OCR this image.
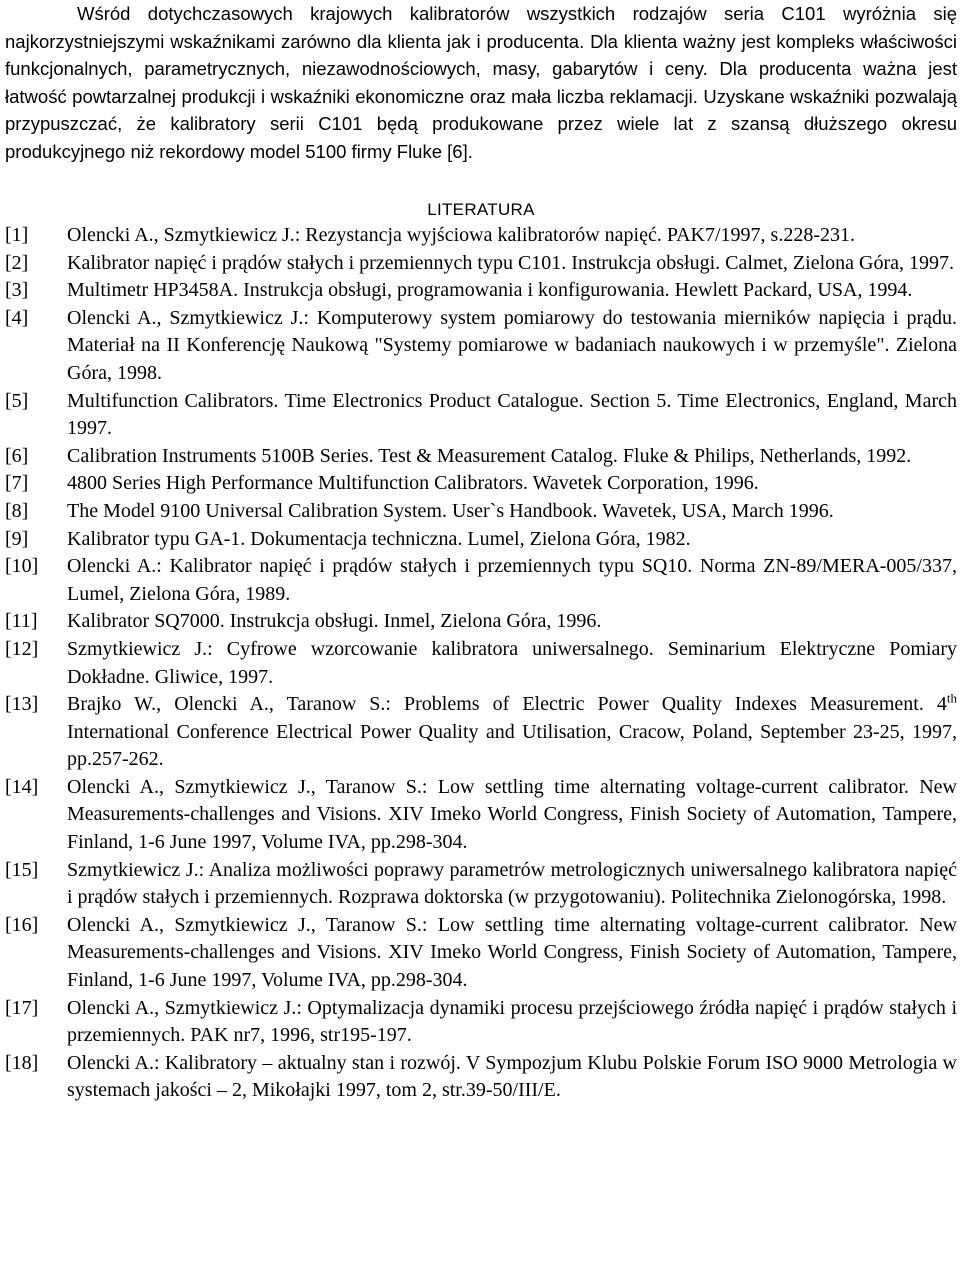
Wśród dotychczasowych krajowych kalibratorów wszystkich rodzajów seria C101 wyróżnia się najkorzystniejszymi wskaźnikami zarówno dla klienta jak i producenta. Dla klienta ważny jest kompleks właściwości funkcjonalnych, parametrycznych, niezawodnościowych, masy, gabarytów i ceny. Dla producenta ważna jest łatwość powtarzalnej produkcji i wskaźniki ekonomiczne oraz mała liczba reklamacji. Uzyskane wskaźniki pozwalają przypuszczać, że kalibratory serii C101 będą produkowane przez wiele lat z szansą dłuższego okresu produkcyjnego niż rekordowy model 5100 firmy Fluke [6].

LITERATURA
[1]	Olencki A., Szmytkiewicz J.: Rezystancja wyjściowa kalibratorów napięć. PAK7/1997, s.228-231.
[2]	Kalibrator napięć i prądów stałych i przemiennych typu C101. Instrukcja obsługi. Calmet, Zielona Góra, 1997.
[3]	Multimetr HP3458A. Instrukcja obsługi, programowania i konfigurowania. Hewlett Packard, USA, 1994.
[4]	Olencki A., Szmytkiewicz J.: Komputerowy system pomiarowy do testowania mierników napięcia i prądu. Materiał na II Konferencję Naukową "Systemy pomiarowe w badaniach naukowych i w przemyśle". Zielona Góra, 1998.
[5]	Multifunction Calibrators. Time Electronics Product Catalogue. Section 5. Time Electronics, England, March 1997.
[6]	Calibration Instruments 5100B Series. Test & Measurement Catalog. Fluke & Philips, Netherlands, 1992.
[7]	4800 Series High Performance Multifunction Calibrators. Wavetek Corporation, 1996.
[8]	The Model 9100 Universal Calibration System. User`s Handbook. Wavetek, USA, March 1996.
[9]	Kalibrator typu GA-1. Dokumentacja techniczna. Lumel, Zielona Góra, 1982.
[10]	Olencki A.: Kalibrator napięć i prądów stałych i przemiennych typu SQ10. Norma ZN-89/MERA-005/337, Lumel, Zielona Góra, 1989.
[11]	Kalibrator SQ7000. Instrukcja obsługi. Inmel, Zielona Góra, 1996.
[12]	Szmytkiewicz J.: Cyfrowe wzorcowanie kalibratora uniwersalnego. Seminarium Elektryczne Pomiary Dokładne. Gliwice, 1997.
[13]	Brajko W., Olencki A., Taranow S.: Problems of Electric Power Quality Indexes Measurement. 4th International Conference Electrical Power Quality and Utilisation, Cracow, Poland, September 23-25, 1997, pp.257-262.
[14]	Olencki A., Szmytkiewicz J., Taranow S.: Low settling time alternating voltage-current calibrator. New Measurements-challenges and Visions. XIV Imeko World Congress, Finish Society of Automation, Tampere, Finland, 1-6 June 1997, Volume IVA, pp.298-304.
[15]	Szmytkiewicz J.: Analiza możliwości poprawy parametrów metrologicznych uniwersalnego kalibratora napięć i prądów stałych i przemiennych. Rozprawa doktorska (w przygotowaniu). Politechnika Zielonogórska, 1998.
[16]	Olencki A., Szmytkiewicz J., Taranow S.: Low settling time alternating voltage-current calibrator. New Measurements-challenges and Visions. XIV Imeko World Congress, Finish Society of Automation, Tampere, Finland, 1-6 June 1997, Volume IVA, pp.298-304.
[17]	Olencki A., Szmytkiewicz J.: Optymalizacja dynamiki procesu przejściowego źródła napięć i prądów stałych i przemiennych. PAK nr7, 1996, str195-197.
[18]	Olencki A.: Kalibratory – aktualny stan i rozwój. V Sympozjum Klubu Polskie Forum ISO 9000 Metrologia w systemach jakości – 2, Mikołajki 1997, tom 2, str.39-50/III/E.
